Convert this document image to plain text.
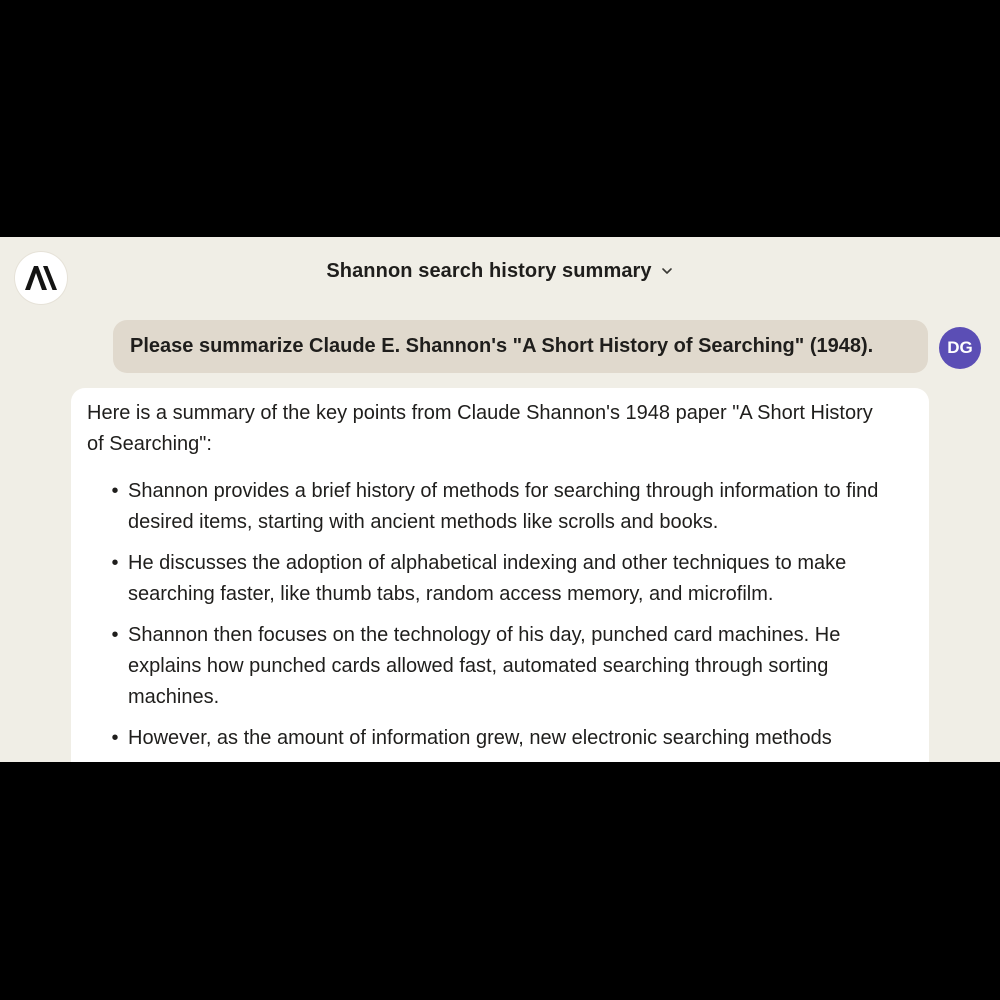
Shannon search history summary
Please summarize Claude E. Shannon's "A Short History of Searching" (1948).	DG

Here is a summary of the key points from Claude Shannon's 1948 paper "A Short History of Searching":

• Shannon provides a brief history of methods for searching through information to find desired items, starting with ancient methods like scrolls and books.
• He discusses the adoption of alphabetical indexing and other techniques to make searching faster, like thumb tabs, random access memory, and microfilm.
• Shannon then focuses on the technology of his day, punched card machines. He explains how punched cards allowed fast, automated searching through sorting machines.
• However, as the amount of information grew, new electronic searching methods
